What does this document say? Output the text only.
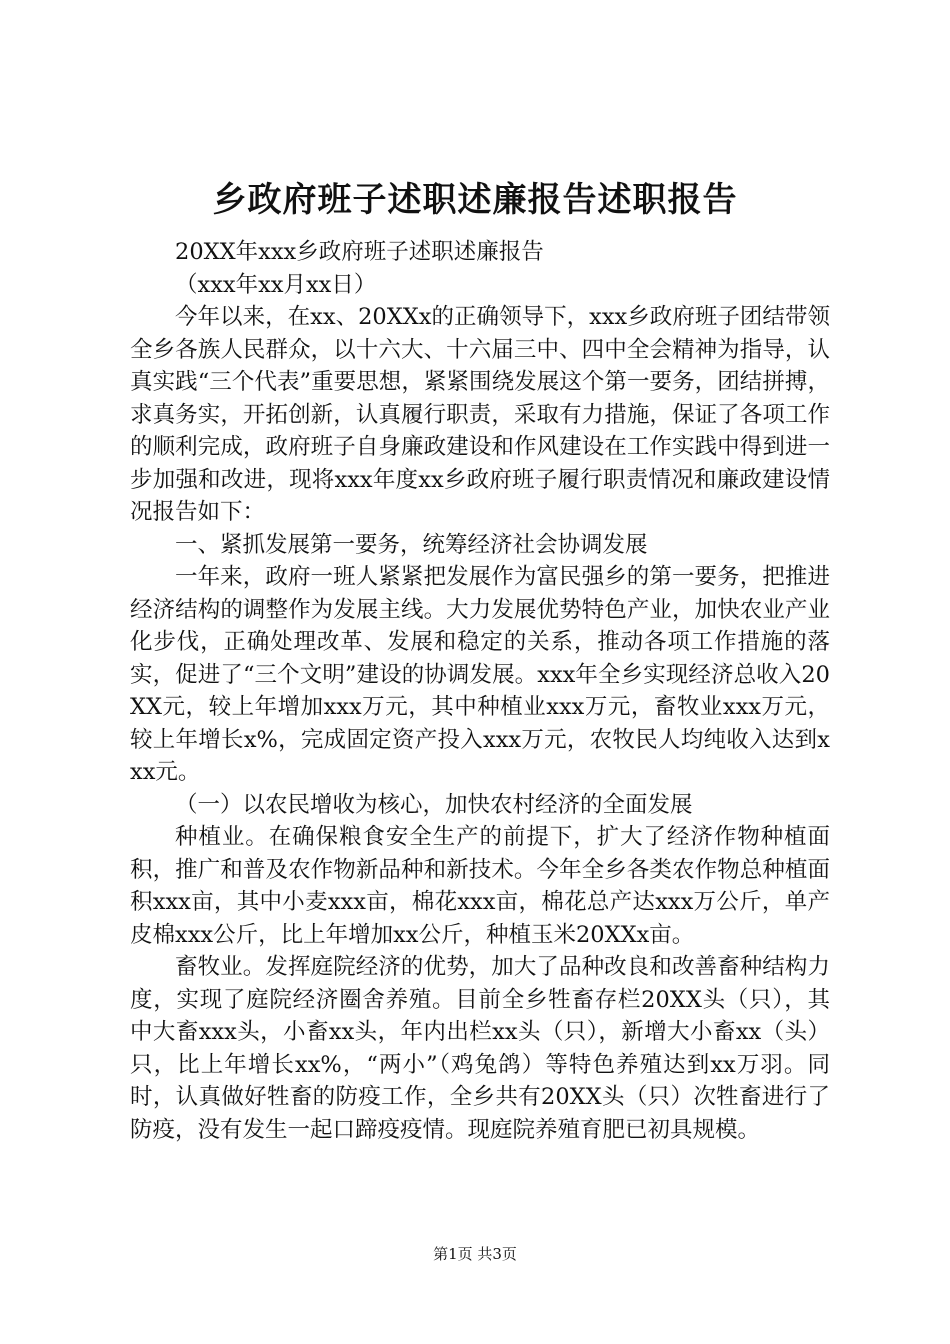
乡政府班子述职述廉报告述职报告

20XX年xxx乡政府班子述职述廉报告

（xxx年xx月xx日）

今年以来，在xx、20XXx的正确领导下，xxx乡政府班子团结带领全乡各族人民群众，以十六大、十六届三中、四中全会精神为指导，认真实践“三个代表”重要思想，紧紧围绕发展这个第一要务，团结拼搏，求真务实，开拓创新，认真履行职责，采取有力措施，保证了各项工作的顺利完成，政府班子自身廉政建设和作风建设在工作实践中得到进一步加强和改进，现将xxx年度xx乡政府班子履行职责情况和廉政建设情况报告如下：

一、紧抓发展第一要务，统筹经济社会协调发展

一年来，政府一班人紧紧把发展作为富民强乡的第一要务，把推进经济结构的调整作为发展主线。大力发展优势特色产业，加快农业产业化步伐，正确处理改革、发展和稳定的关系，推动各项工作措施的落实，促进了“三个文明”建设的协调发展。xxx年全乡实现经济总收入20XX元，较上年增加xxx万元，其中种植业xxx万元，畜牧业xxx万元，较上年增长x%，完成固定资产投入xxx万元，农牧民人均纯收入达到xxx元。

（一）以农民增收为核心，加快农村经济的全面发展

种植业。在确保粮食安全生产的前提下，扩大了经济作物种植面积，推广和普及农作物新品种和新技术。今年全乡各类农作物总种植面积xxx亩，其中小麦xxx亩，棉花xxx亩，棉花总产达xxx万公斤，单产皮棉xxx公斤，比上年增加xx公斤，种植玉米20XXx亩。

畜牧业。发挥庭院经济的优势，加大了品种改良和改善畜种结构力度，实现了庭院经济圈舍养殖。目前全乡牲畜存栏20XX头（只），其中大畜xxx头，小畜xx头，年内出栏xx头（只），新增大小畜xx（头）只，比上年增长xx%，“两小”（鸡兔鸽）等特色养殖达到xx万羽。同时，认真做好牲畜的防疫工作，全乡共有20XX头（只）次牲畜进行了防疫，没有发生一起口蹄疫疫情。现庭院养殖育肥已初具规模。

第1页 共3页
